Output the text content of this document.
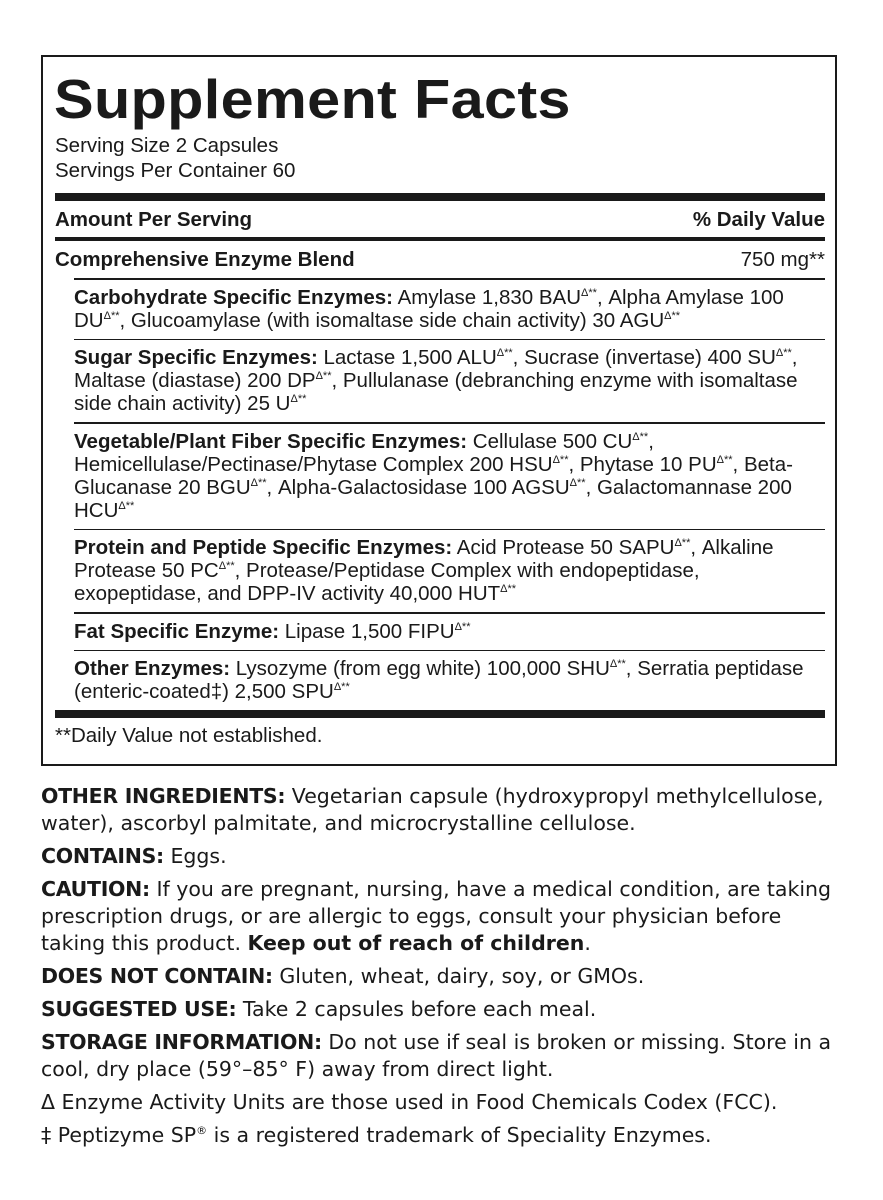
Supplement Facts
Serving Size 2 Capsules
Servings Per Container 60
Amount Per Serving	% Daily Value
Comprehensive Enzyme Blend	750 mg**
Carbohydrate Specific Enzymes: Amylase 1,830 $BAU^{\Delta**}$, Alpha Amylase 100 $DU^{\Delta**}$, Glucoamylase (with isomaltase side chain activity) 30 $AGU^{\Delta**}$
Sugar Specific Enzymes: Lactase 1,500 $ALU^{\Delta**}$, Sucrase (invertase) 400 $SU^{\Delta**}$, Maltase (diastase) 200 $DP^{\Delta**}$, Pullulanase (debranching enzyme with isomaltase side chain activity) 25 $U^{\Delta**}$
Vegetable/Plant Fiber Specific Enzymes: Cellulase 500 $CU^{\Delta**}$, Hemicellulase/Pectinase/Phytase Complex 200 $HSU^{\Delta**}$, Phytase 10 $PU^{\Delta**}$, Beta-Glucanase 20 $BGU^{\Delta**}$, Alpha-Galactosidase 100 $AGSU^{\Delta**}$, Galactomannase 200 $HCU^{\Delta**}$
Protein and Peptide Specific Enzymes: Acid Protease 50 $SAPU^{\Delta**}$, Alkaline Protease 50 $PC^{\Delta**}$, Protease/Peptidase Complex with endopeptidase, exopeptidase, and DPP-IV activity 40,000 $HUT^{\Delta**}$
Fat Specific Enzyme: Lipase 1,500 $FIPU^{\Delta**}$
Other Enzymes: Lysozyme (from egg white) 100,000 $SHU^{\Delta**}$, Serratia peptidase (enteric-coated‡) 2,500 $SPU^{\Delta**}$
**Daily Value not established.

OTHER INGREDIENTS: Vegetarian capsule (hydroxypropyl methylcellulose, water), ascorbyl palmitate, and microcrystalline cellulose.

CONTAINS: Eggs.

CAUTION: If you are pregnant, nursing, have a medical condition, are taking prescription drugs, or are allergic to eggs, consult your physician before taking this product. Keep out of reach of children.

DOES NOT CONTAIN: Gluten, wheat, dairy, soy, or GMOs.

SUGGESTED USE: Take 2 capsules before each meal.

STORAGE INFORMATION: Do not use if seal is broken or missing. Store in a cool, dry place (59°–85° F) away from direct light.

Δ Enzyme Activity Units are those used in Food Chemicals Codex (FCC).

‡ Peptizyme SP® is a registered trademark of Speciality Enzymes.
